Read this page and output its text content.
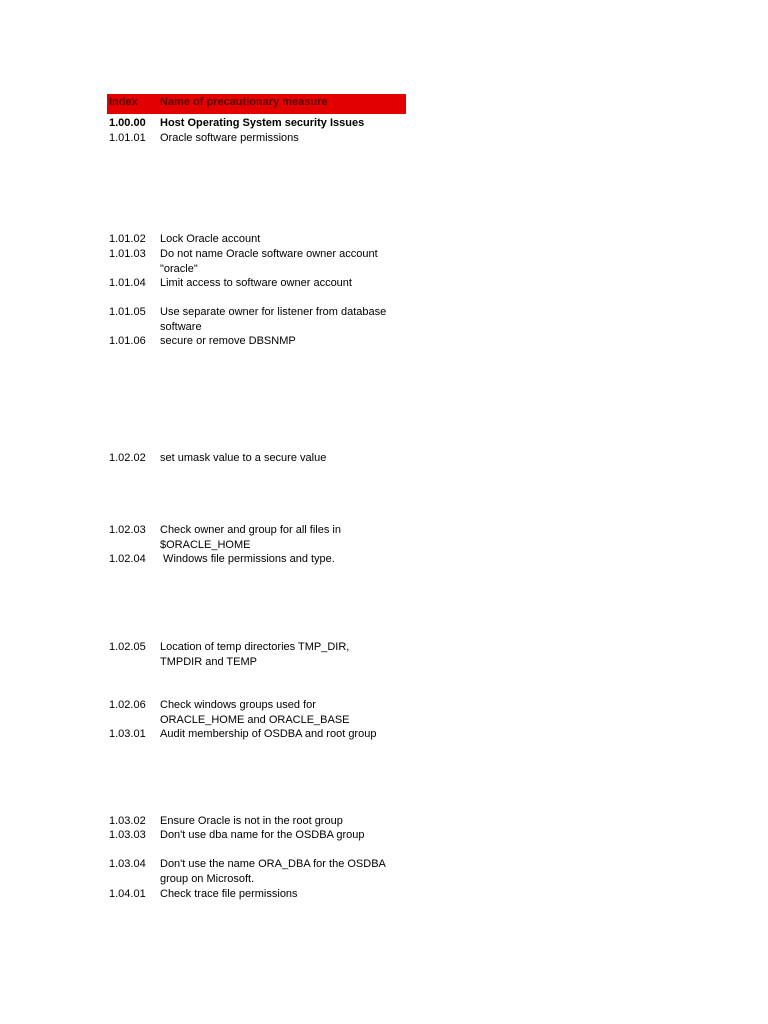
Index Name of precautionary measure
1.00.00 Host Operating System security Issues
1.01.01 Oracle software permissions
1.01.02 Lock Oracle account
1.01.03 Do not name Oracle software owner account "oracle"
1.01.04 Limit access to software owner account
1.01.05 Use separate owner for listener from database software
1.01.06 secure or remove DBSNMP
1.02.02 set umask value to a secure value
1.02.03 Check owner and group for all files in $ORACLE_HOME
1.02.04 Windows file permissions and type.
1.02.05 Location of temp directories TMP_DIR, TMPDIR and TEMP
1.02.06 Check windows groups used for ORACLE_HOME and ORACLE_BASE
1.03.01 Audit membership of OSDBA and root group
1.03.02 Ensure Oracle is not in the root group
1.03.03 Don't use dba name for the OSDBA group
1.03.04 Don't use the name ORA_DBA for the OSDBA group on Microsoft.
1.04.01 Check trace file permissions
